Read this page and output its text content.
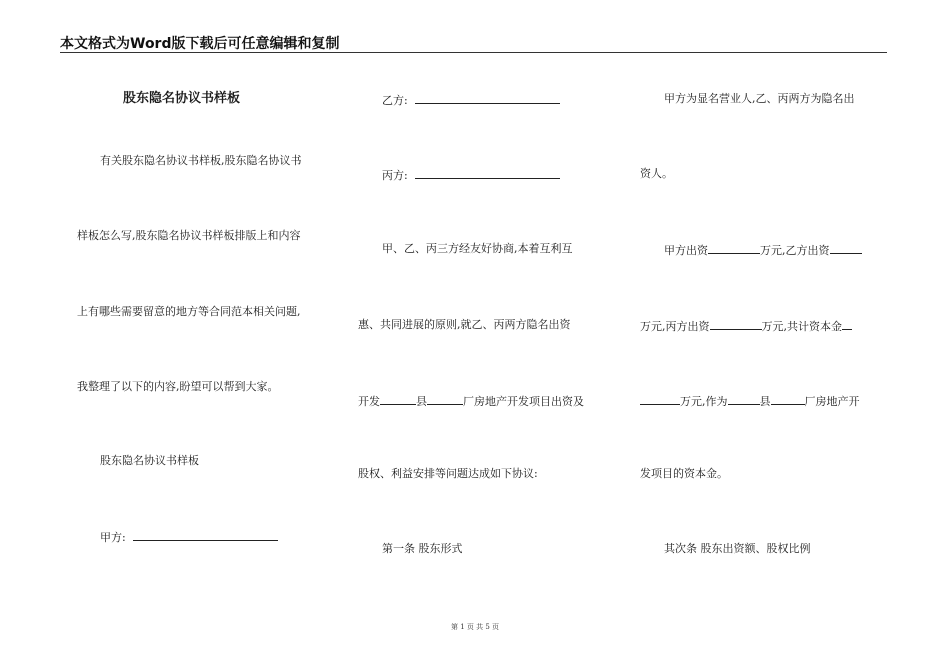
本文格式为Word版下载后可任意编辑和复制
股东隐名协议书样板
有关股东隐名协议书样板,股东隐名协议书
样板怎么写,股东隐名协议书样板排版上和内容
上有哪些需要留意的地方等合同范本相关问题,
我整理了以下的内容,盼望可以帮到大家。
股东隐名协议书样板
甲方:
乙方:
丙方:
甲、乙、丙三方经友好协商,本着互利互
惠、共同进展的原则,就乙、丙两方隐名出资
开发	县	厂房地产开发项目出资及
股权、利益安排等问题达成如下协议:
第一条 股东形式
甲方为显名营业人,乙、丙两方为隐名出
资人。
甲方出资	万元,乙方出资
万元,丙方出资	万元,共计资本金
万元,作为	县	厂房地产开
发项目的资本金。
其次条 股东出资额、股权比例
第 1 页 共 5 页
